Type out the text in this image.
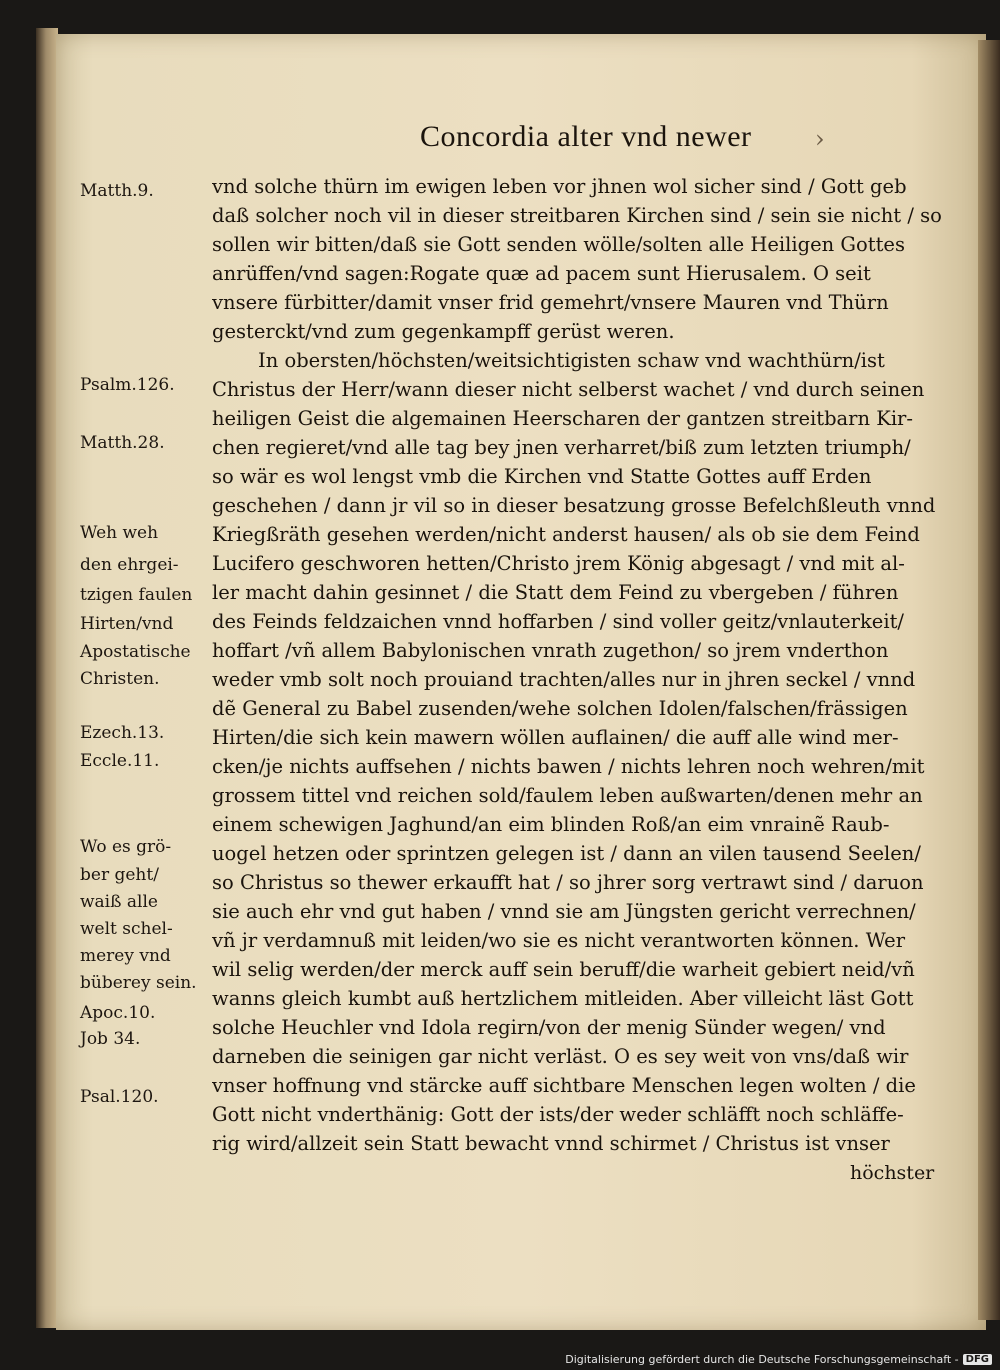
Concordia alter vnd newer	›
Matth.9.
Psalm.126.
Matth.28.
Weh weh
den ehrgei-
tzigen faulen
Hirten/vnd
Apostatische
Christen.
Ezech.13.
Eccle.11.
Wo es grö-
ber geht/
waiß alle
welt schel-
merey vnd
büberey sein.
Apoc.10.
Job 34.
Psal.120.
vnd solche thürn im ewigen leben vor jhnen wol sicher sind / Gott geb
daß solcher noch vil in dieser streitbaren Kirchen sind / sein sie nicht / so
sollen wir bitten/daß sie Gott senden wölle/solten alle Heiligen Gottes
anrüffen/vnd sagen:Rogate quæ ad pacem sunt Hierusalem. O seit
vnsere fürbitter/damit vnser frid gemehrt/vnsere Mauren vnd Thürn
gesterckt/vnd zum gegenkampff gerüst weren.
In obersten/höchsten/weitsichtigisten schaw vnd wachthürn/ist
Christus der Herr/wann dieser nicht selberst wachet / vnd durch seinen
heiligen Geist die algemainen Heerscharen der gantzen streitbarn Kir-
chen regieret/vnd alle tag bey jnen verharret/biß zum letzten triumph/
so wär es wol lengst vmb die Kirchen vnd Statte Gottes auff Erden
geschehen / dann jr vil so in dieser besatzung grosse Befelchßleuth vnnd
Kriegßräth gesehen werden/nicht anderst hausen/ als ob sie dem Feind
Lucifero geschworen hetten/Christo jrem König abgesagt / vnd mit al-
ler macht dahin gesinnet / die Statt dem Feind zu vbergeben / führen
des Feinds feldzaichen vnnd hoffarben / sind voller geitz/vnlauterkeit/
hoffart /vñ allem Babylonischen vnrath zugethon/ so jrem vnderthon
weder vmb solt noch prouiand trachten/alles nur in jhren seckel / vnnd
dẽ General zu Babel zusenden/wehe solchen Idolen/falschen/frässigen
Hirten/die sich kein mawern wöllen auflainen/ die auff alle wind mer-
cken/je nichts auffsehen / nichts bawen / nichts lehren noch wehren/mit
grossem tittel vnd reichen sold/faulem leben außwarten/denen mehr an
einem schewigen Jaghund/an eim blinden Roß/an eim vnrainẽ Raub-
uogel hetzen oder sprintzen gelegen ist / dann an vilen tausend Seelen/
so Christus so thewer erkaufft hat / so jhrer sorg vertrawt sind / daruon
sie auch ehr vnd gut haben / vnnd sie am Jüngsten gericht verrechnen/
vñ jr verdamnuß mit leiden/wo sie es nicht verantworten können. Wer
wil selig werden/der merck auff sein beruff/die warheit gebiert neid/vñ
wanns gleich kumbt auß hertzlichem mitleiden. Aber villeicht läst Gott
solche Heuchler vnd Idola regirn/von der menig Sünder wegen/ vnd
darneben die seinigen gar nicht verläst. O es sey weit von vns/daß wir
vnser hoffnung vnd stärcke auff sichtbare Menschen legen wolten / die
Gott nicht vnderthänig: Gott der ists/der weder schläfft noch schläffe-
rig wird/allzeit sein Statt bewacht vnnd schirmet / Christus ist vnser
höchster
Digitalisierung gefördert durch die Deutsche Forschungsgemeinschaft - DFG
